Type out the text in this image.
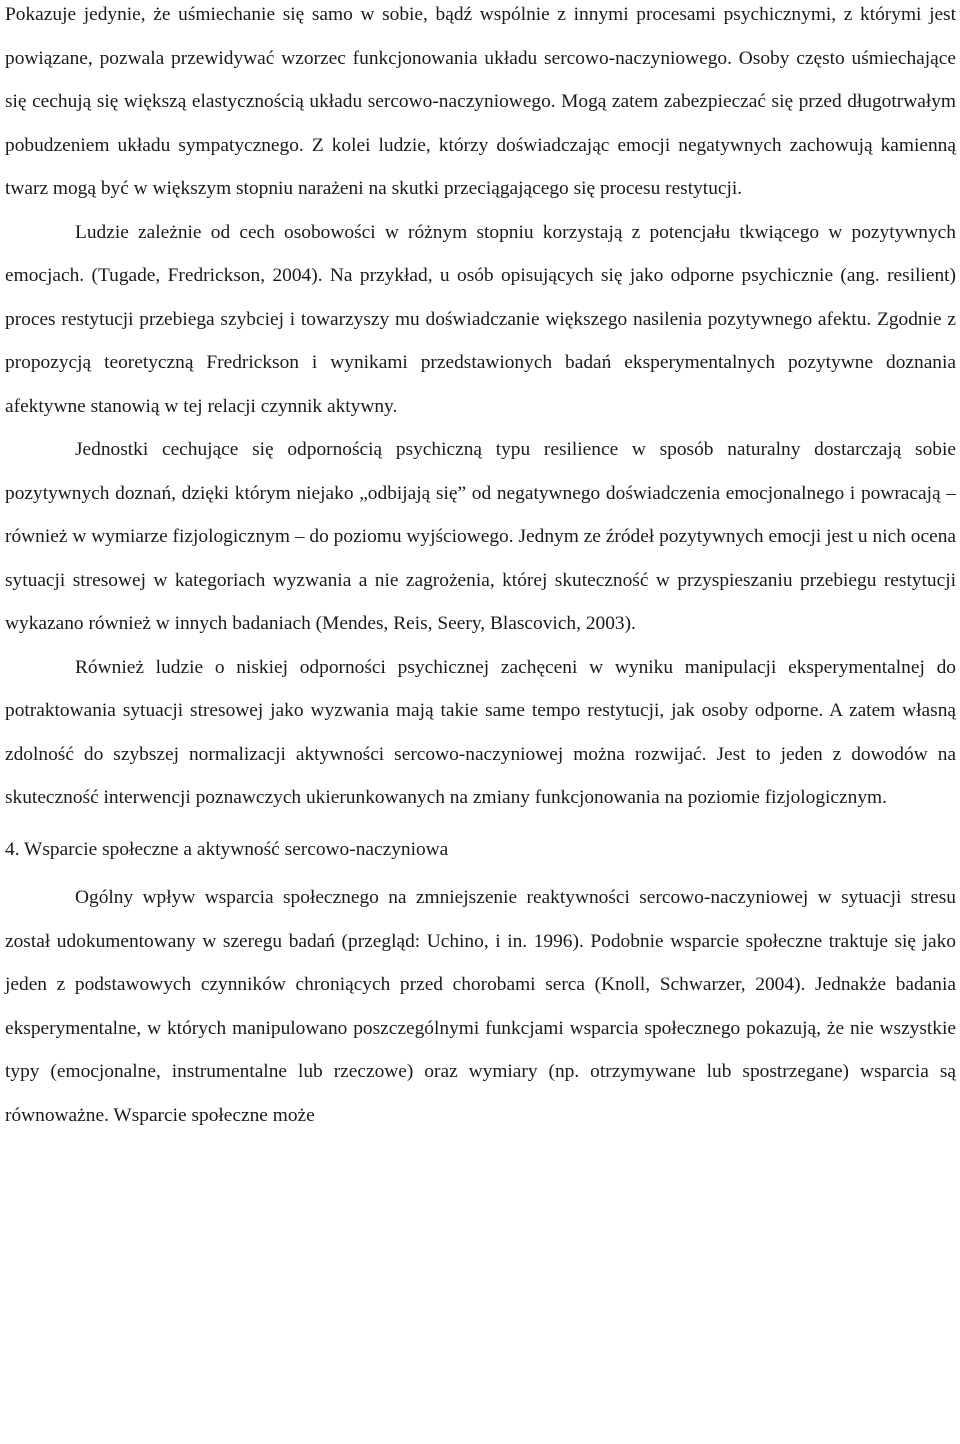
Pokazuje jedynie, że uśmiechanie się samo w sobie, bądź wspólnie z innymi procesami psychicznymi, z którymi jest powiązane, pozwala przewidywać wzorzec funkcjonowania układu sercowo-naczyniowego. Osoby często uśmiechające się cechują się większą elastycznością układu sercowo-naczyniowego. Mogą zatem zabezpieczać się przed długotrwałym pobudzeniem układu sympatycznego. Z kolei ludzie, którzy doświadczając emocji negatywnych zachowują kamienną twarz mogą być w większym stopniu narażeni na skutki przeciągającego się procesu restytucji.

Ludzie zależnie od cech osobowości w różnym stopniu korzystają z potencjału tkwiącego w pozytywnych emocjach. (Tugade, Fredrickson, 2004). Na przykład, u osób opisujących się jako odporne psychicznie (ang. resilient) proces restytucji przebiega szybciej i towarzyszy mu doświadczanie większego nasilenia pozytywnego afektu. Zgodnie z propozycją teoretyczną Fredrickson i wynikami przedstawionych badań eksperymentalnych pozytywne doznania afektywne stanowią w tej relacji czynnik aktywny.

Jednostki cechujące się odpornością psychiczną typu resilience w sposób naturalny dostarczają sobie pozytywnych doznań, dzięki którym niejako „odbijają się” od negatywnego doświadczenia emocjonalnego i powracają – również w wymiarze fizjologicznym – do poziomu wyjściowego. Jednym ze źródeł pozytywnych emocji jest u nich ocena sytuacji stresowej w kategoriach wyzwania a nie zagrożenia, której skuteczność w przyspieszaniu przebiegu restytucji wykazano również w innych badaniach (Mendes, Reis, Seery, Blascovich, 2003).

Również ludzie o niskiej odporności psychicznej zachęceni w wyniku manipulacji eksperymentalnej do potraktowania sytuacji stresowej jako wyzwania mają takie same tempo restytucji, jak osoby odporne. A zatem własną zdolność do szybszej normalizacji aktywności sercowo-naczyniowej można rozwijać. Jest to jeden z dowodów na skuteczność interwencji poznawczych ukierunkowanych na zmiany funkcjonowania na poziomie fizjologicznym.

4. Wsparcie społeczne a aktywność sercowo-naczyniowa

Ogólny wpływ wsparcia społecznego na zmniejszenie reaktywności sercowo-naczyniowej w sytuacji stresu został udokumentowany w szeregu badań (przegląd: Uchino, i in. 1996). Podobnie wsparcie społeczne traktuje się jako jeden z podstawowych czynników chroniących przed chorobami serca (Knoll, Schwarzer, 2004). Jednakże badania eksperymentalne, w których manipulowano poszczególnymi funkcjami wsparcia społecznego pokazują, że nie wszystkie typy (emocjonalne, instrumentalne lub rzeczowe) oraz wymiary (np. otrzymywane lub spostrzegane) wsparcia są równoważne. Wsparcie społeczne może
